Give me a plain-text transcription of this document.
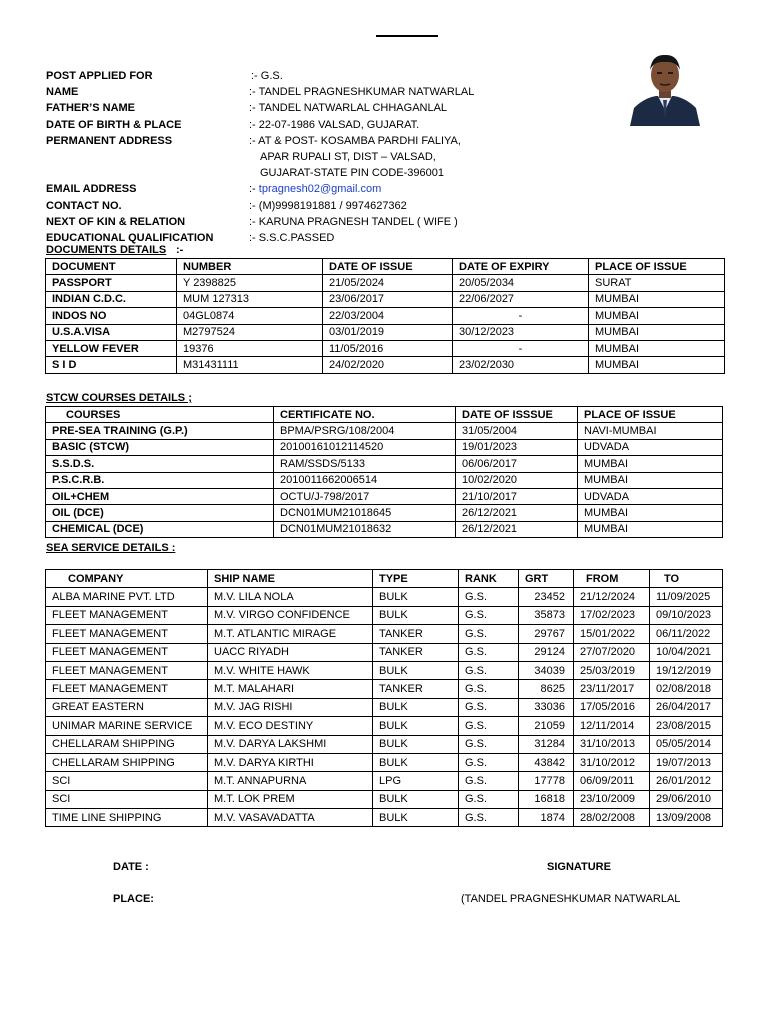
POST APPLIED FOR	:- G.S.
NAME	:- TANDEL PRAGNESHKUMAR NATWARLAL
FATHER’S NAME	:- TANDEL NATWARLAL CHHAGANLAL
DATE OF BIRTH & PLACE	:- 22-07-1986 VALSAD, GUJARAT.
PERMANENT ADDRESS	:- AT & POST- KOSAMBA PARDHI FALIYA,
APAR RUPALI ST, DIST – VALSAD,
GUJARAT-STATE PIN CODE-396001
EMAIL ADDRESS	:- tpragnesh02@gmail.com
CONTACT NO.	:- (M)9998191881 / 9974627362
NEXT OF KIN & RELATION	:- KARUNA PRAGNESH TANDEL ( WIFE )
EDUCATIONAL QUALIFICATION	:- S.S.C.PASSED
DOCUMENTS DETAILS :-
DOCUMENT	NUMBER	DATE OF ISSUE	DATE OF EXPIRY	PLACE OF ISSUE
PASSPORT	Y 2398825	21/05/2024	20/05/2034	SURAT
INDIAN C.D.C.	MUM 127313	23/06/2017	22/06/2027	MUMBAI
INDOS NO	04GL0874	22/03/2004	-	MUMBAI
U.S.A.VISA	M2797524	03/01/2019	30/12/2023	MUMBAI
YELLOW FEVER	19376	11/05/2016	-	MUMBAI
S I D	M31431111	24/02/2020	23/02/2030	MUMBAI
STCW COURSES DETAILS ;
COURSES	CERTIFICATE NO.	DATE OF ISSSUE	PLACE OF ISSUE
PRE-SEA TRAINING (G.P.)	BPMA/PSRG/108/2004	31/05/2004	NAVI-MUMBAI
BASIC (STCW)	20100161012114520	19/01/2023	UDVADA
S.S.D.S.	RAM/SSDS/5133	06/06/2017	MUMBAI
P.S.C.R.B.	2010011662006514	10/02/2020	MUMBAI
OIL+CHEM	OCTU/J-798/2017	21/10/2017	UDVADA
OIL (DCE)	DCN01MUM21018645	26/12/2021	MUMBAI
CHEMICAL (DCE)	DCN01MUM21018632	26/12/2021	MUMBAI
SEA SERVICE DETAILS :
COMPANY	SHIP NAME	TYPE	RANK	GRT	FROM	TO
ALBA MARINE PVT. LTD	M.V. LILA NOLA	BULK	G.S.	23452	21/12/2024	11/09/2025
FLEET MANAGEMENT	M.V. VIRGO CONFIDENCE	BULK	G.S.	35873	17/02/2023	09/10/2023
FLEET MANAGEMENT	M.T. ATLANTIC MIRAGE	TANKER	G.S.	29767	15/01/2022	06/11/2022
FLEET MANAGEMENT	UACC RIYADH	TANKER	G.S.	29124	27/07/2020	10/04/2021
FLEET MANAGEMENT	M.V. WHITE HAWK	BULK	G.S.	34039	25/03/2019	19/12/2019
FLEET MANAGEMENT	M.T. MALAHARI	TANKER	G.S.	8625	23/11/2017	02/08/2018
GREAT EASTERN	M.V. JAG RISHI	BULK	G.S.	33036	17/05/2016	26/04/2017
UNIMAR MARINE SERVICE	M.V. ECO DESTINY	BULK	G.S.	21059	12/11/2014	23/08/2015
CHELLARAM SHIPPING	M.V. DARYA LAKSHMI	BULK	G.S.	31284	31/10/2013	05/05/2014
CHELLARAM SHIPPING	M.V. DARYA KIRTHI	BULK	G.S.	43842	31/10/2012	19/07/2013
SCI	M.T. ANNAPURNA	LPG	G.S.	17778	06/09/2011	26/01/2012
SCI	M.T. LOK PREM	BULK	G.S.	16818	23/10/2009	29/06/2010
TIME LINE SHIPPING	M.V. VASAVADATTA	BULK	G.S.	1874	28/02/2008	13/09/2008
DATE :
PLACE:
SIGNATURE
(TANDEL PRAGNESHKUMAR NATWARLAL
